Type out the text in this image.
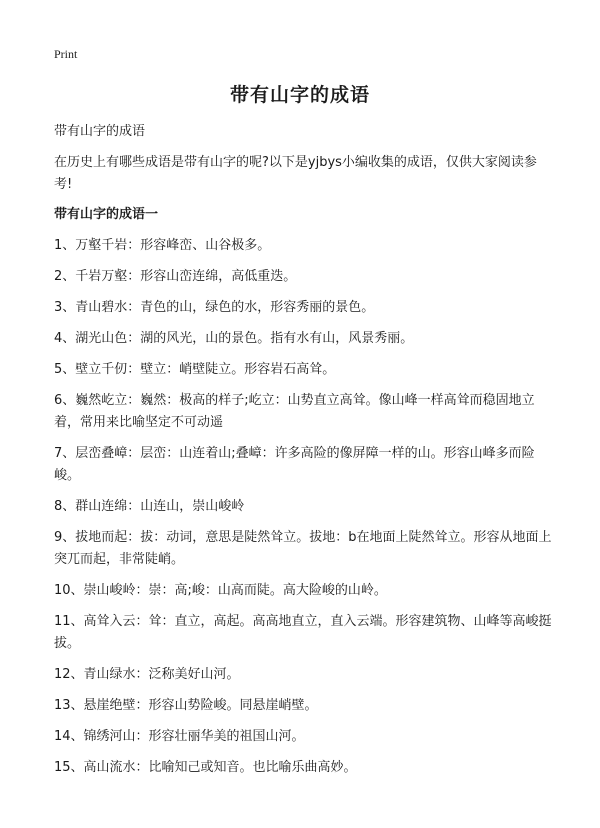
Print
带有山字的成语

带有山字的成语

在历史上有哪些成语是带有山字的呢?以下是yjbys小编收集的成语，仅供大家阅读参考!

带有山字的成语一

1、万壑千岩：形容峰峦、山谷极多。
2、千岩万壑：形容山峦连绵，高低重迭。
3、青山碧水：青色的山，绿色的水，形容秀丽的景色。
4、湖光山色：湖的风光，山的景色。指有水有山，风景秀丽。
5、壁立千仞：壁立：峭壁陡立。形容岩石高耸。
6、巍然屹立：巍然：极高的样子;屹立：山势直立高耸。像山峰一样高耸而稳固地立着，常用来比喻坚定不可动遥
7、层峦叠嶂：层峦：山连着山;叠嶂：许多高险的像屏障一样的山。形容山峰多而险峻。
8、群山连绵：山连山，崇山峻岭
9、拔地而起：拔：动词，意思是陡然耸立。拔地：b在地面上陡然耸立。形容从地面上突兀而起，非常陡峭。
10、崇山峻岭：崇：高;峻：山高而陡。高大险峻的山岭。
11、高耸入云：耸：直立，高起。高高地直立，直入云端。形容建筑物、山峰等高峻挺拔。
12、青山绿水：泛称美好山河。
13、悬崖绝壁：形容山势险峻。同悬崖峭壁。
14、锦绣河山：形容壮丽华美的祖国山河。
15、高山流水：比喻知己或知音。也比喻乐曲高妙。
